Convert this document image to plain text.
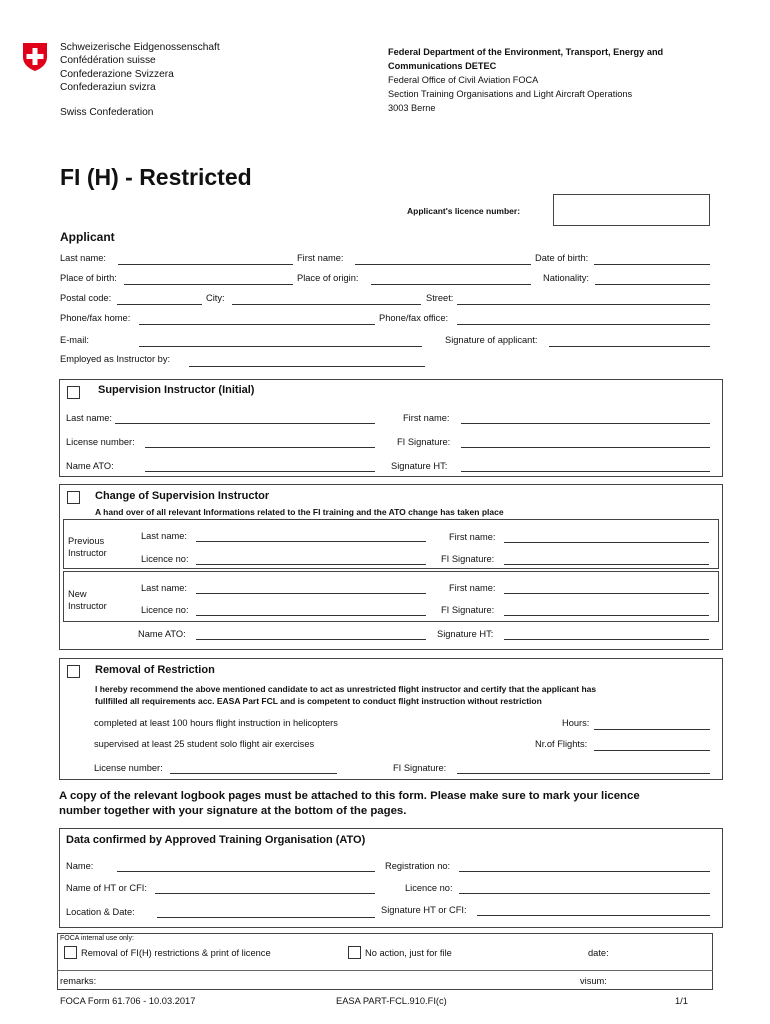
Schweizerische Eidgenossenschaft
Confédération suisse
Confederazione Svizzera
Confederaziun svizra
Swiss Confederation
Federal Department of the Environment, Transport, Energy and
Communications DETEC
Federal Office of Civil Aviation FOCA
Section Training Organisations and Light Aircraft Operations
3003 Berne
FI (H) - Restricted
Applicant's licence number:
Applicant
Last name:	First name:	Date of birth:
Place of birth:	Place of origin:	Nationality:
Postal code:	City:	Street:
Phone/fax home:	Phone/fax office:
E-mail:	Signature of applicant:
Employed as Instructor by:
Supervision Instructor (Initial)
Last name:	First name:
License number:	FI Signature:
Name ATO:	Signature HT:
Change of Supervision Instructor
A hand over of all relevant Informations related to the FI training and the ATO change has taken place
Previous
Instructor
Last name:	First name:
Licence no:	FI Signature:
New
Instructor
Last name:	First name:
Licence no:	FI Signature:
Name ATO:	Signature HT:
Removal of Restriction
I hereby recommend the above mentioned candidate to act as unrestricted flight instructor and certify that the applicant has
fullfilled all requirements acc. EASA Part FCL and is competent to conduct flight instruction without restriction
completed at least 100 hours flight instruction in helicopters	Hours:
supervised at least 25 student solo flight air exercises	Nr.of Flights:
License number:	FI Signature:
A copy of the relevant logbook pages must be attached to this form. Please make sure to mark your licence
number together with your signature at the bottom of the pages.
Data confirmed by Approved Training Organisation (ATO)
Name:	Registration no:
Name of HT or CFI:	Licence no:
Location & Date:	Signature HT or CFI:
FOCA internal use only:
Removal of FI(H) restrictions & print of licence	No action, just for file	date:
remarks:	visum:
FOCA Form 61.706 - 10.03.2017	EASA PART-FCL.910.FI(c)	1/1
